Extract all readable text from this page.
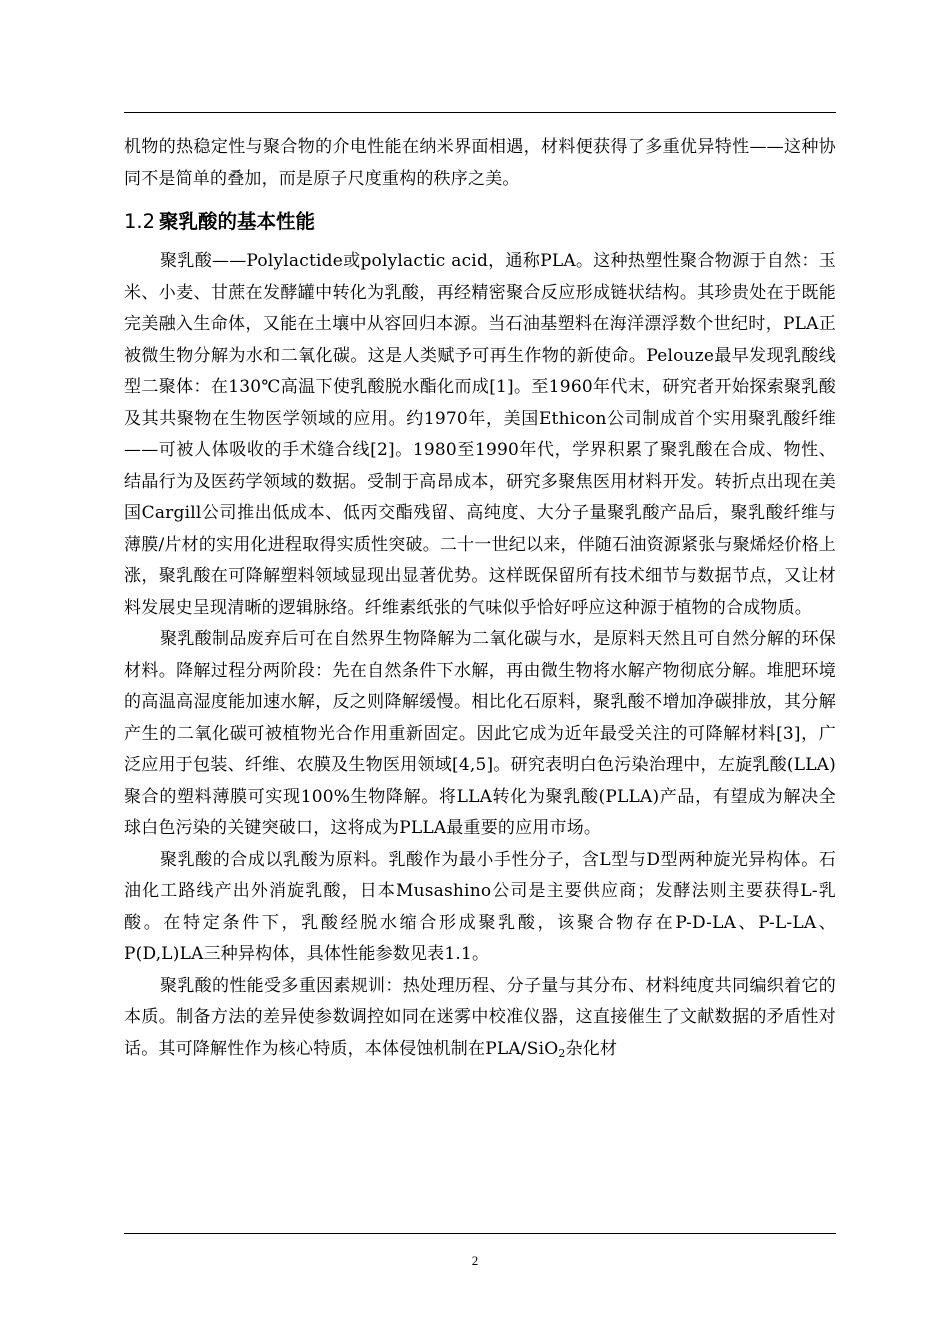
机物的热稳定性与聚合物的介电性能在纳米界面相遇，材料便获得了多重优异特性——这种协同不是简单的叠加，而是原子尺度重构的秩序之美。

1.2 聚乳酸的基本性能

聚乳酸——Polylactide或polylactic acid，通称PLA。这种热塑性聚合物源于自然：玉米、小麦、甘蔗在发酵罐中转化为乳酸，再经精密聚合反应形成链状结构。其珍贵处在于既能完美融入生命体，又能在土壤中从容回归本源。当石油基塑料在海洋漂浮数个世纪时，PLA正被微生物分解为水和二氧化碳。这是人类赋予可再生作物的新使命。Pelouze最早发现乳酸线型二聚体：在130℃高温下使乳酸脱水酯化而成[1]。至1960年代末，研究者开始探索聚乳酸及其共聚物在生物医学领域的应用。约1970年，美国Ethicon公司制成首个实用聚乳酸纤维——可被人体吸收的手术缝合线[2]。1980至1990年代，学界积累了聚乳酸在合成、物性、结晶行为及医药学领域的数据。受制于高昂成本，研究多聚焦医用材料开发。转折点出现在美国Cargill公司推出低成本、低丙交酯残留、高纯度、大分子量聚乳酸产品后，聚乳酸纤维与薄膜/片材的实用化进程取得实质性突破。二十一世纪以来，伴随石油资源紧张与聚烯烃价格上涨，聚乳酸在可降解塑料领域显现出显著优势。这样既保留所有技术细节与数据节点，又让材料发展史呈现清晰的逻辑脉络。纤维素纸张的气味似乎恰好呼应这种源于植物的合成物质。

聚乳酸制品废弃后可在自然界生物降解为二氧化碳与水，是原料天然且可自然分解的环保材料。降解过程分两阶段：先在自然条件下水解，再由微生物将水解产物彻底分解。堆肥环境的高温高湿度能加速水解，反之则降解缓慢。相比化石原料，聚乳酸不增加净碳排放，其分解产生的二氧化碳可被植物光合作用重新固定。因此它成为近年最受关注的可降解材料[3]，广泛应用于包装、纤维、农膜及生物医用领域[4,5]。研究表明白色污染治理中，左旋乳酸(LLA)聚合的塑料薄膜可实现100%生物降解。将LLA转化为聚乳酸(PLLA)产品，有望成为解决全球白色污染的关键突破口，这将成为PLLA最重要的应用市场。

聚乳酸的合成以乳酸为原料。乳酸作为最小手性分子，含L型与D型两种旋光异构体。石油化工路线产出外消旋乳酸，日本Musashino公司是主要供应商；发酵法则主要获得L-乳酸。在特定条件下，乳酸经脱水缩合形成聚乳酸，该聚合物存在P-D-LA、P-L-LA、P(D,L)LA三种异构体，具体性能参数见表1.1。

聚乳酸的性能受多重因素规训：热处理历程、分子量与其分布、材料纯度共同编织着它的本质。制备方法的差异使参数调控如同在迷雾中校准仪器，这直接催生了文献数据的矛盾性对话。其可降解性作为核心特质，本体侵蚀机制在PLA/SiO$_2$杂化材

2
